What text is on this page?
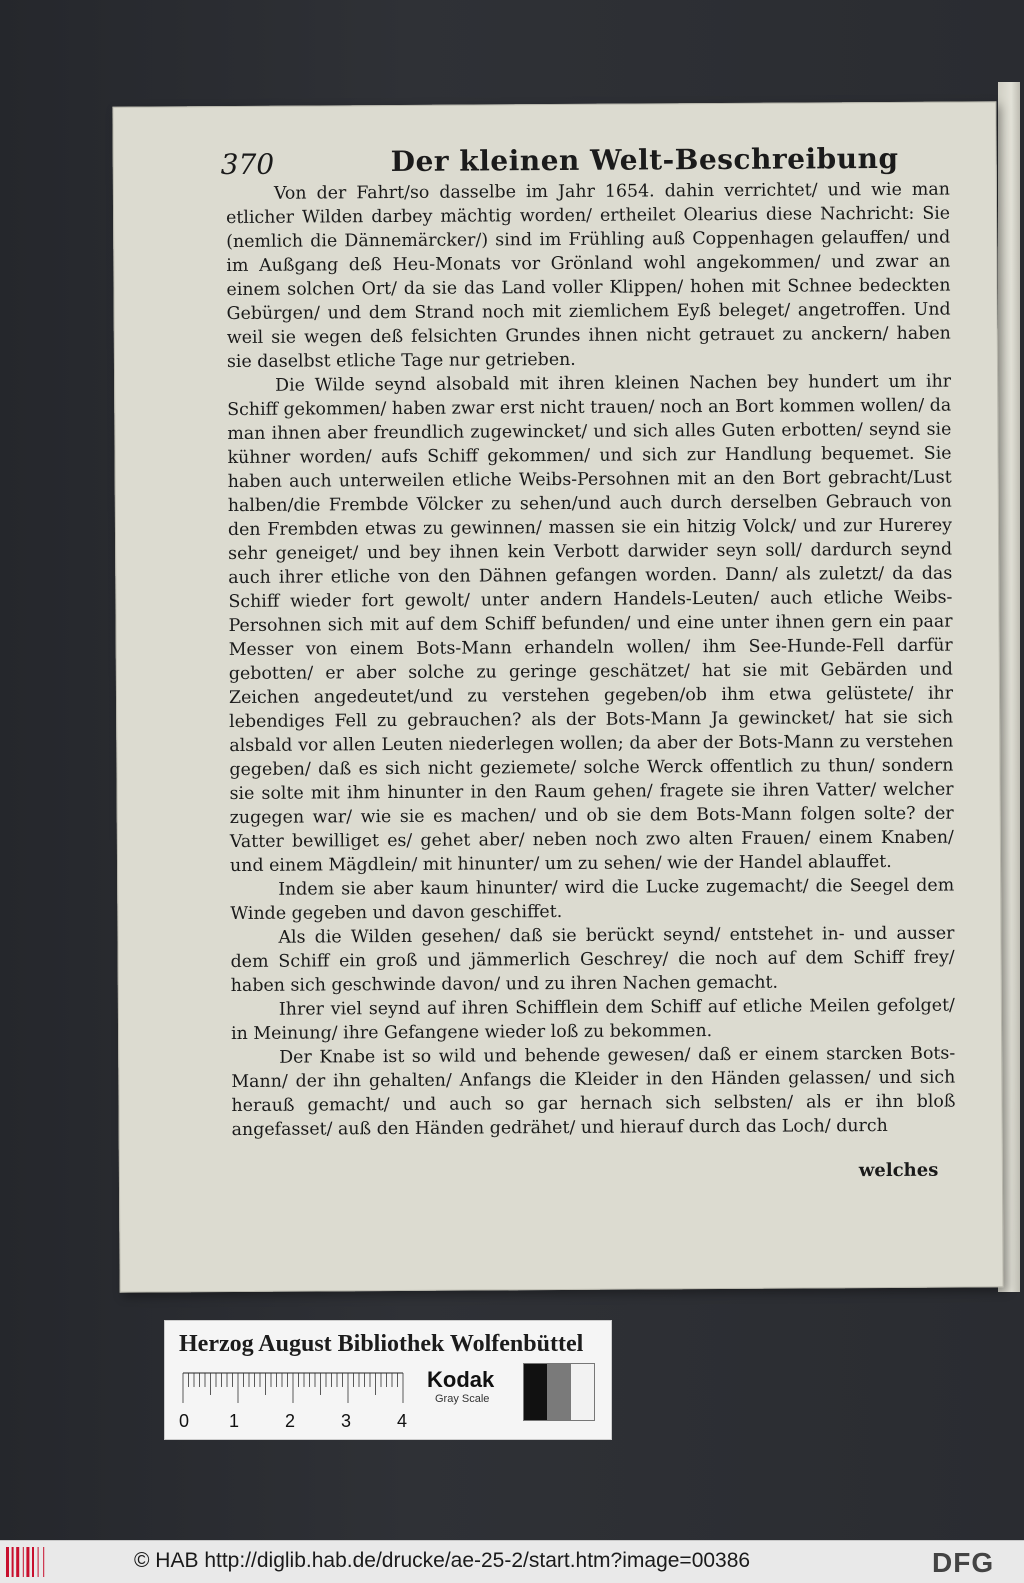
370	Der kleinen Welt-Beschreibung

Von der Fahrt/so dasselbe im Jahr 1654. dahin verrichtet/ und wie man etlicher Wilden darbey mächtig worden/ ertheilet Olearius diese Nachricht: Sie (nemlich die Dännemärcker/) sind im Frühling auß Coppenhagen gelauffen/ und im Außgang deß Heu-Monats vor Grönland wohl angekommen/ und zwar an einem solchen Ort/ da sie das Land voller Klippen/ hohen mit Schnee bedeckten Gebürgen/ und dem Strand noch mit ziemlichem Eyß beleget/ angetroffen. Und weil sie wegen deß felsichten Grundes ihnen nicht getrauet zu anckern/ haben sie daselbst etliche Tage nur getrieben.

Die Wilde seynd alsobald mit ihren kleinen Nachen bey hundert um ihr Schiff gekommen/ haben zwar erst nicht trauen/ noch an Bort kommen wollen/ da man ihnen aber freundlich zugewincket/ und sich alles Guten erbotten/ seynd sie kühner worden/ aufs Schiff gekommen/ und sich zur Handlung bequemet. Sie haben auch unterweilen etliche Weibs-Persohnen mit an den Bort gebracht/Lust halben/die Frembde Völcker zu sehen/und auch durch derselben Gebrauch von den Frembden etwas zu gewinnen/ massen sie ein hitzig Volck/ und zur Hurerey sehr geneiget/ und bey ihnen kein Verbott darwider seyn soll/ dardurch seynd auch ihrer etliche von den Dähnen gefangen worden. Dann/ als zuletzt/ da das Schiff wieder fort gewolt/ unter andern Handels-Leuten/ auch etliche Weibs-Persohnen sich mit auf dem Schiff befunden/ und eine unter ihnen gern ein paar Messer von einem Bots-Mann erhandeln wollen/ ihm See-Hunde-Fell darfür gebotten/ er aber solche zu geringe geschätzet/ hat sie mit Gebärden und Zeichen angedeutet/und zu verstehen gegeben/ob ihm etwa gelüstete/ ihr lebendiges Fell zu gebrauchen? als der Bots-Mann Ja gewincket/ hat sie sich alsbald vor allen Leuten niederlegen wollen; da aber der Bots-Mann zu verstehen gegeben/ daß es sich nicht geziemete/ solche Werck offentlich zu thun/ sondern sie solte mit ihm hinunter in den Raum gehen/ fragete sie ihren Vatter/ welcher zugegen war/ wie sie es machen/ und ob sie dem Bots-Mann folgen solte? der Vatter bewilliget es/ gehet aber/ neben noch zwo alten Frauen/ einem Knaben/ und einem Mägdlein/ mit hinunter/ um zu sehen/ wie der Handel ablauffet.

Indem sie aber kaum hinunter/ wird die Lucke zugemacht/ die Seegel dem Winde gegeben und davon geschiffet.

Als die Wilden gesehen/ daß sie berückt seynd/ entstehet in- und ausser dem Schiff ein groß und jämmerlich Geschrey/ die noch auf dem Schiff frey/ haben sich geschwinde davon/ und zu ihren Nachen gemacht.

Ihrer viel seynd auf ihren Schifflein dem Schiff auf etliche Meilen gefolget/ in Meinung/ ihre Gefangene wieder loß zu bekommen.

Der Knabe ist so wild und behende gewesen/ daß er einem starcken Bots-Mann/ der ihn gehalten/ Anfangs die Kleider in den Händen gelassen/ und sich herauß gemacht/ und auch so gar hernach sich selbsten/ als er ihn bloß angefasset/ auß den Händen gedrähet/ und hierauf durch das Loch/ durch

welches
Herzog August Bibliothek Wolfenbüttel
0 1	2	3	4
Kodak
Gray Scale
© HAB http://diglib.hab.de/drucke/ae-25-2/start.htm?image=00386	DFG
